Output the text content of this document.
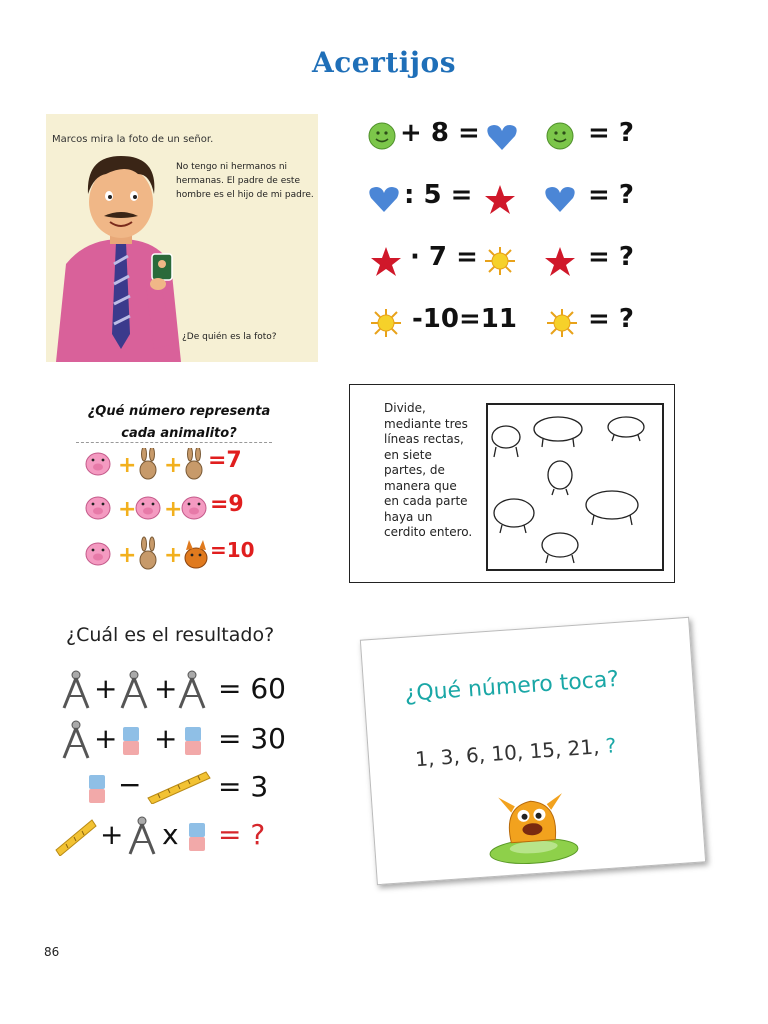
Acertijos
Marcos mira la foto de un señor.
No tengo ni hermanos ni hermanas. El padre de este hombre es el hijo de mi padre.
¿De quién es la foto?
+ 8 =	= ?
: 5 =	= ?
· 7 =	= ?
-10=11	= ?
¿Qué número representa
cada animalito?
+ + =7
+ + =9
+ + =10
Divide, mediante tres líneas rectas, en siete partes, de manera que en cada parte haya un cerdito entero.
¿Cuál es el resultado?
+ + = 60
+ + = 30
−	= 3
+ x = ?
¿Qué número toca?
1, 3, 6, 10, 15, 21, ?
86
